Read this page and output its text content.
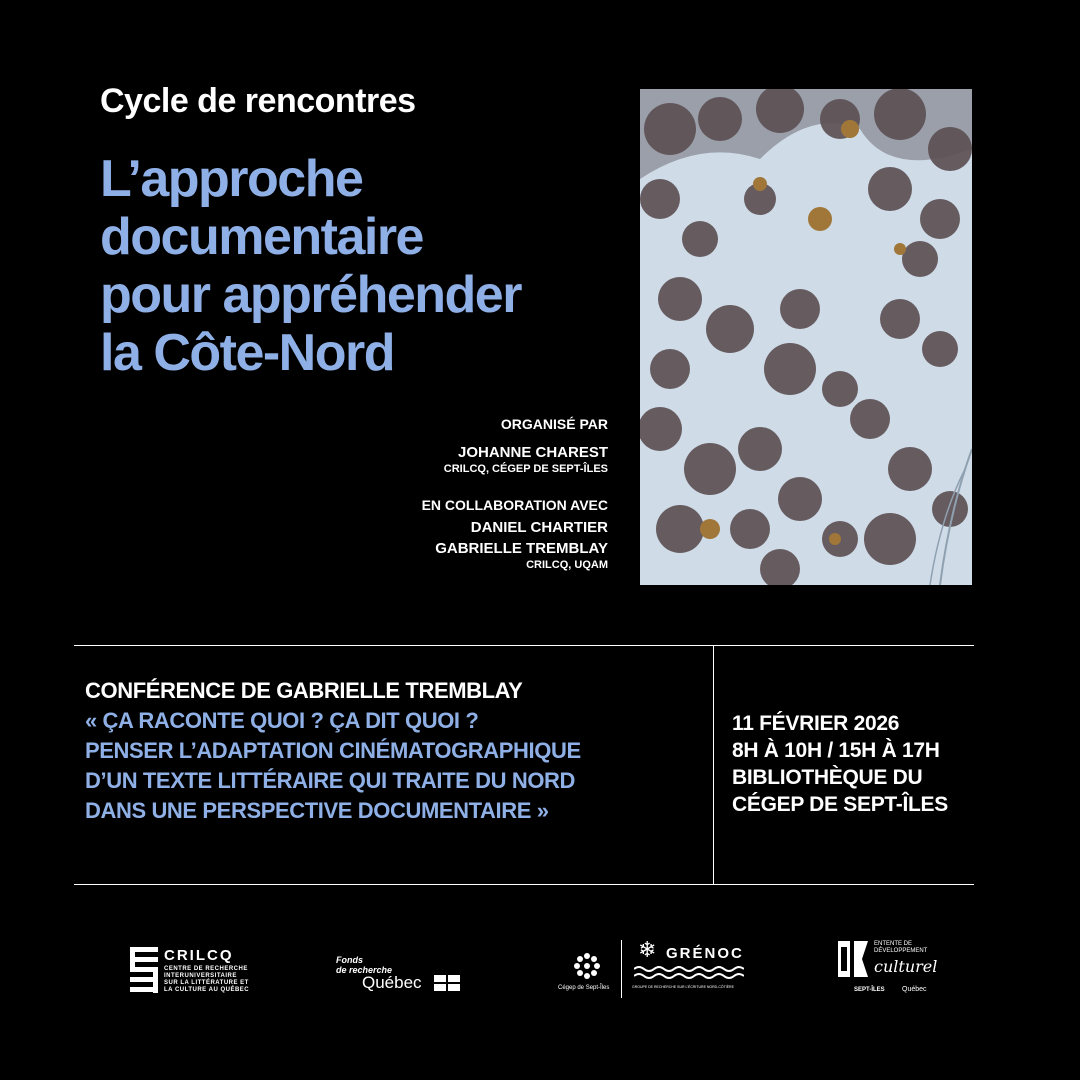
Cycle de rencontres
L’approche
documentaire
pour appréhender
la Côte-Nord
ORGANISÉ PAR
JOHANNE CHAREST
CRILCQ, CÉGEP DE SEPT-ÎLES
EN COLLABORATION AVEC
DANIEL CHARTIER
GABRIELLE TREMBLAY
CRILCQ, UQAM
CONFÉRENCE DE GABRIELLE TREMBLAY
« ÇA RACONTE QUOI ? ÇA DIT QUOI ?
PENSER L’ADAPTATION CINÉMATOGRAPHIQUE
D’UN TEXTE LITTÉRAIRE QUI TRAITE DU NORD
DANS UNE PERSPECTIVE DOCUMENTAIRE »
11 FÉVRIER 2026
8H À 10H / 15H À 17H
BIBLIOTHÈQUE DU
CÉGEP DE SEPT-ÎLES
CRILCQ
CENTRE DE RECHERCHE
INTERUNIVERSITAIRE
SUR LA LITTÉRATURE ET
LA CULTURE AU QUÉBEC
Fonds
de recherche
Québec	Cégep de Sept-Îles
❄ GRÉNOC
GROUPE DE RECHERCHE SUR L’ÉCRITURE NORD-CÔTIÈRE
ENTENTE DE
DÉVELOPPEMENT
culturel
SEPT-ÎLES Québec
